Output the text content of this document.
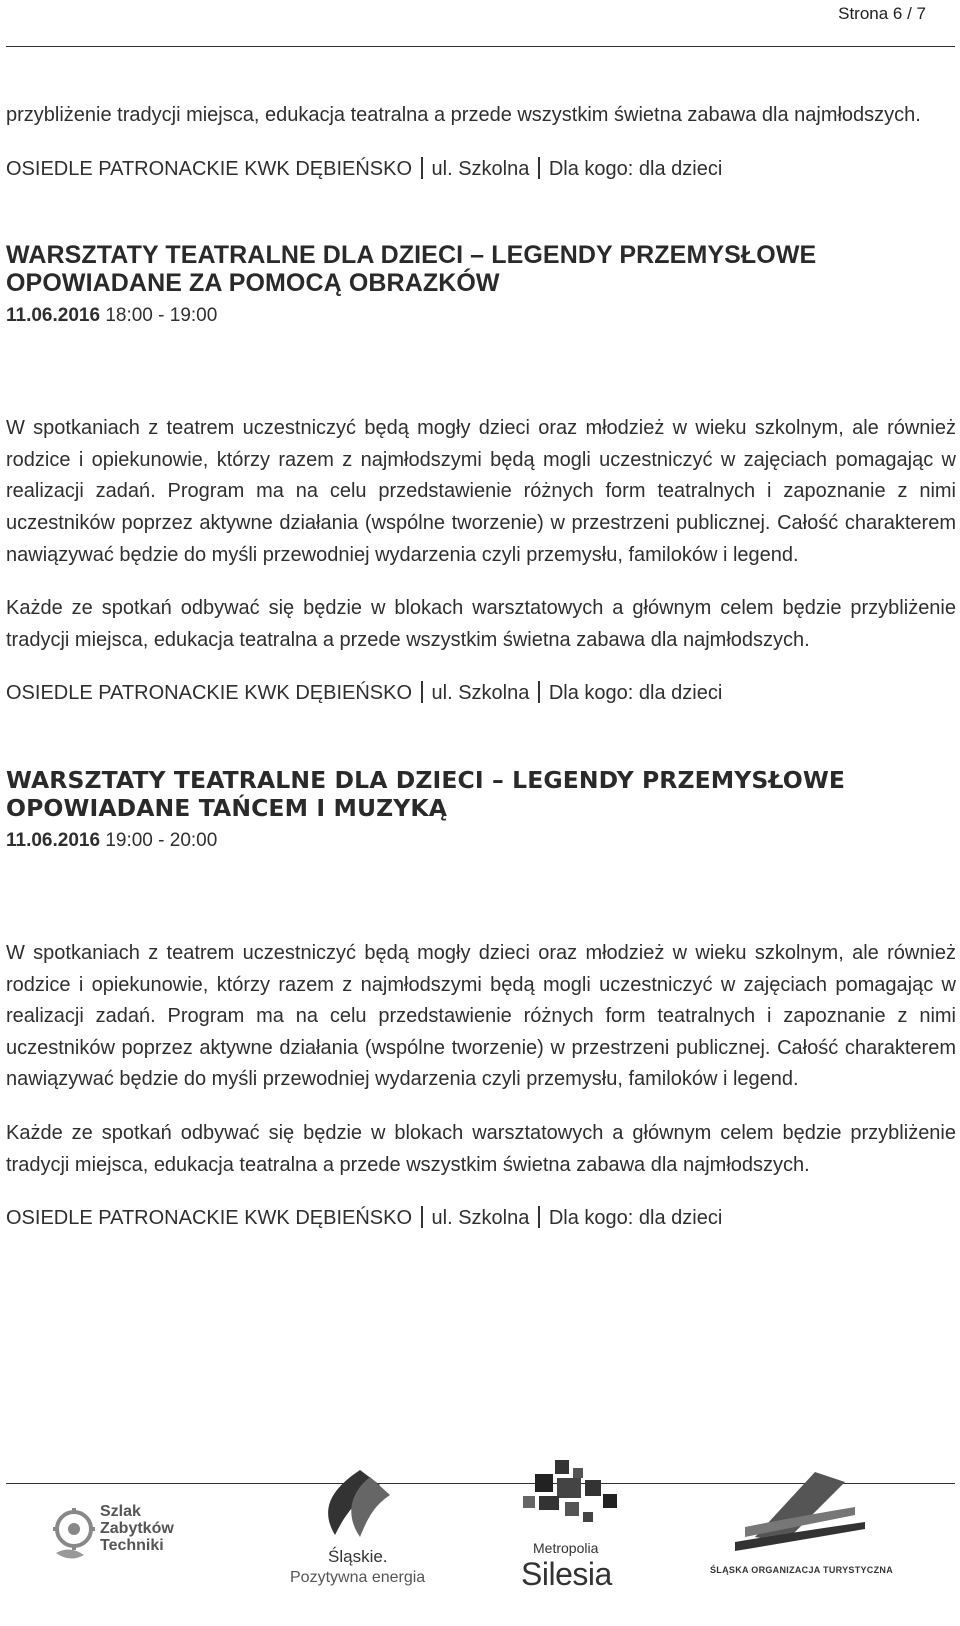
Strona 6 / 7

przybliżenie tradycji miejsca, edukacja teatralna a przede wszystkim świetna zabawa dla najmłodszych.

OSIEDLE PATRONACKIE KWK DĘBIEŃSKO ul. Szkolna Dla kogo: dla dzieci

WARSZTATY TEATRALNE DLA DZIECI – LEGENDY PRZEMYSŁOWE OPOWIADANE ZA POMOCĄ OBRAZKÓW

11.06.2016 18:00 - 19:00

W spotkaniach z teatrem uczestniczyć będą mogły dzieci oraz młodzież w wieku szkolnym, ale również rodzice i opiekunowie, którzy razem z najmłodszymi będą mogli uczestniczyć w zajęciach pomagając w realizacji zadań. Program ma na celu przedstawienie różnych form teatralnych i zapoznanie z nimi uczestników poprzez aktywne działania (wspólne tworzenie) w przestrzeni publicznej. Całość charakterem nawiązywać będzie do myśli przewodniej wydarzenia czyli przemysłu, familoków i legend.

Każde ze spotkań odbywać się będzie w blokach warsztatowych a głównym celem będzie przybliżenie tradycji miejsca, edukacja teatralna a przede wszystkim świetna zabawa dla najmłodszych.

OSIEDLE PATRONACKIE KWK DĘBIEŃSKO ul. Szkolna Dla kogo: dla dzieci

WARSZTATY TEATRALNE DLA DZIECI – LEGENDY PRZEMYSŁOWE OPOWIADANE TAŃCEM I MUZYKĄ

11.06.2016 19:00 - 20:00

W spotkaniach z teatrem uczestniczyć będą mogły dzieci oraz młodzież w wieku szkolnym, ale również rodzice i opiekunowie, którzy razem z najmłodszymi będą mogli uczestniczyć w zajęciach pomagając w realizacji zadań. Program ma na celu przedstawienie różnych form teatralnych i zapoznanie z nimi uczestników poprzez aktywne działania (wspólne tworzenie) w przestrzeni publicznej. Całość charakterem nawiązywać będzie do myśli przewodniej wydarzenia czyli przemysłu, familoków i legend.

Każde ze spotkań odbywać się będzie w blokach warsztatowych a głównym celem będzie przybliżenie tradycji miejsca, edukacja teatralna a przede wszystkim świetna zabawa dla najmłodszych.

OSIEDLE PATRONACKIE KWK DĘBIEŃSKO ul. Szkolna Dla kogo: dla dzieci

Szlak
Zabytków
Techniki
Śląskie.
Pozytywna energia
Metropolia
Silesia	ŚLĄSKA ORGANIZACJA TURYSTYCZNA
